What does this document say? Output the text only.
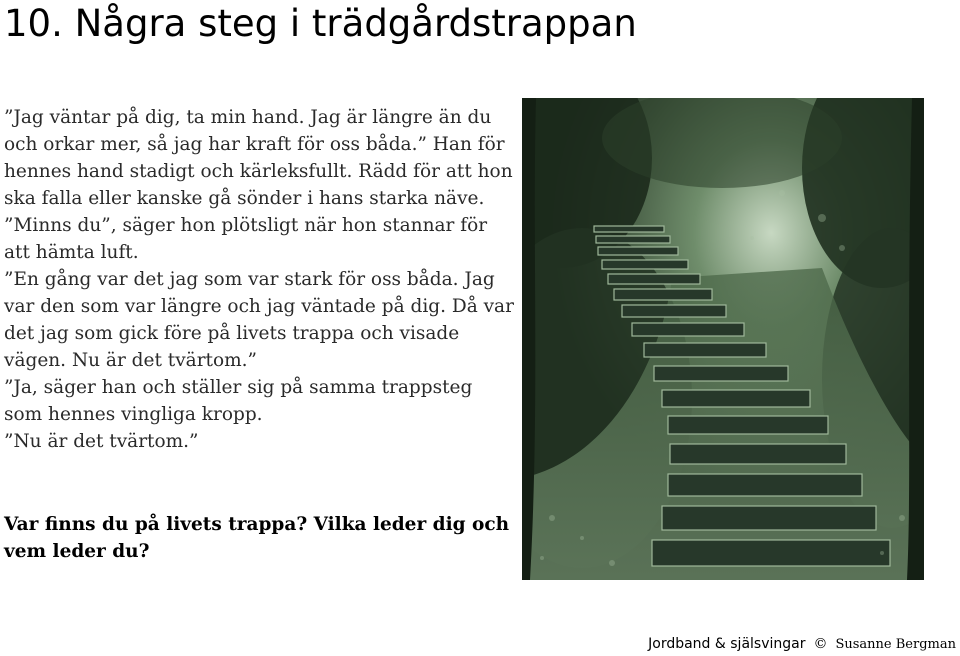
10. Några steg i trädgårdstrappan

”Jag väntar på dig, ta min hand. Jag är längre än du och orkar mer, så jag har kraft för oss båda.” Han för hennes hand stadigt och kärleksfullt. Rädd för att hon ska falla eller kanske gå sönder i hans starka näve.

”Minns du”, säger hon plötsligt när hon stannar för att hämta luft.

”En gång var det jag som var stark för oss båda. Jag var den som var längre och jag väntade på dig. Då var det jag som gick före på livets trappa och visade vägen. Nu är det tvärtom.”

”Ja, säger han och ställer sig på samma trappsteg som hennes vingliga kropp.

”Nu är det tvärtom.”

Var finns du på livets trappa? Vilka leder dig och vem leder du?
Jordband & själsvingar © Susanne Bergman
